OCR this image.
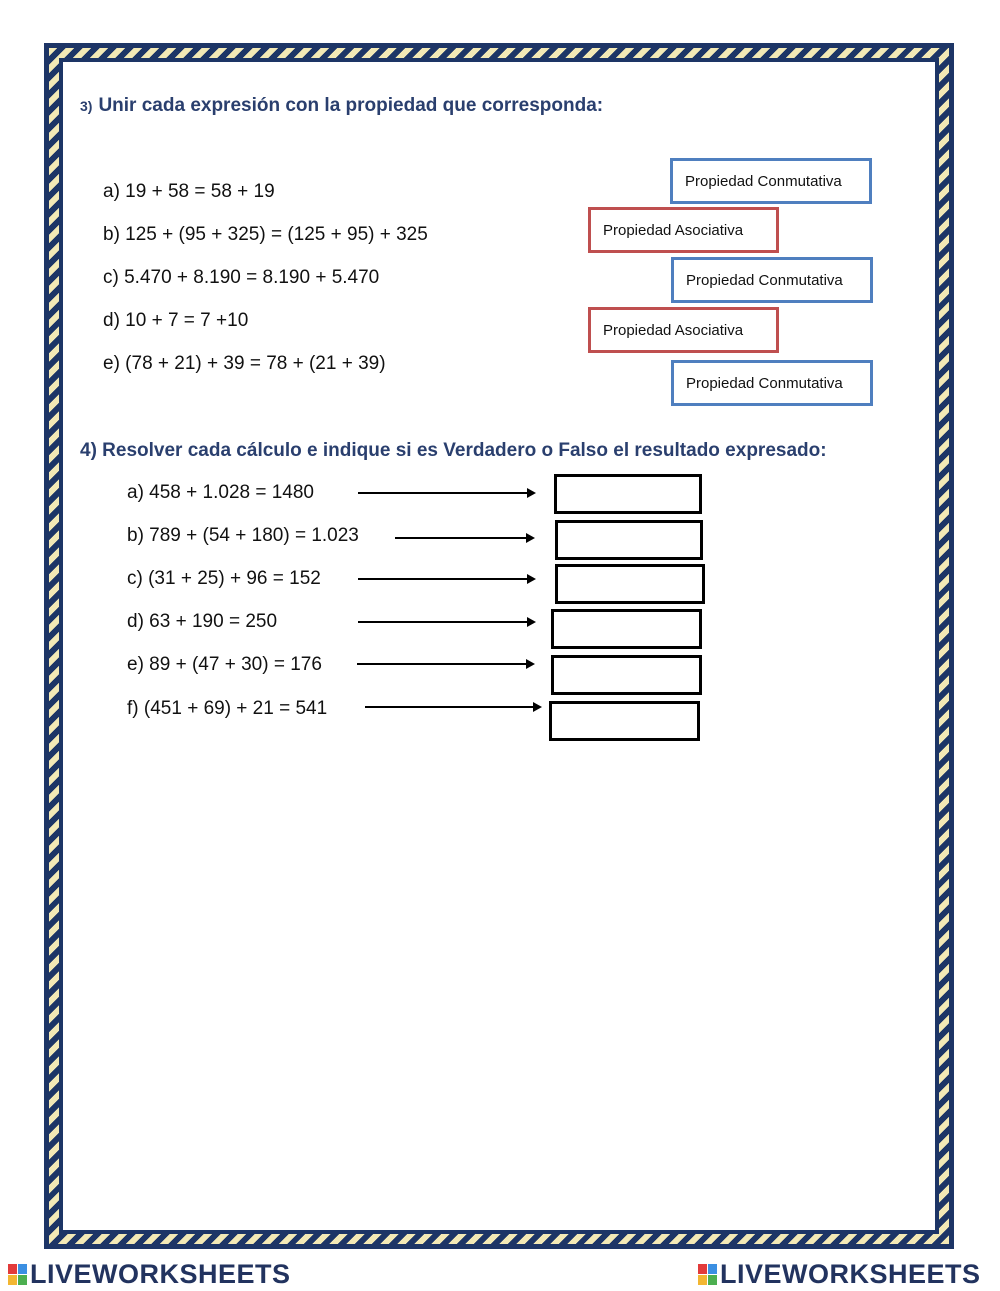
3) Unir cada expresión con la propiedad que corresponda:
a) 19 + 58 = 58 + 19
b) 125 + (95 + 325) = (125 + 95) + 325
c) 5.470 + 8.190 = 8.190 + 5.470
d) 10 + 7 = 7 +10
e) (78 + 21) + 39 = 78 + (21 + 39)
Propiedad Conmutativa
Propiedad Asociativa
Propiedad Conmutativa
Propiedad Asociativa
Propiedad Conmutativa
4) Resolver cada cálculo e indique si es Verdadero o Falso el resultado expresado:
a) 458 + 1.028 = 1480
b) 789 + (54 + 180) = 1.023
c) (31 + 25) + 96 = 152
d) 63 + 190 = 250
e) 89 + (47 + 30) = 176
f) (451 + 69) + 21 = 541
LIVEWORKSHEETS	LIVEWORKSHEETS
